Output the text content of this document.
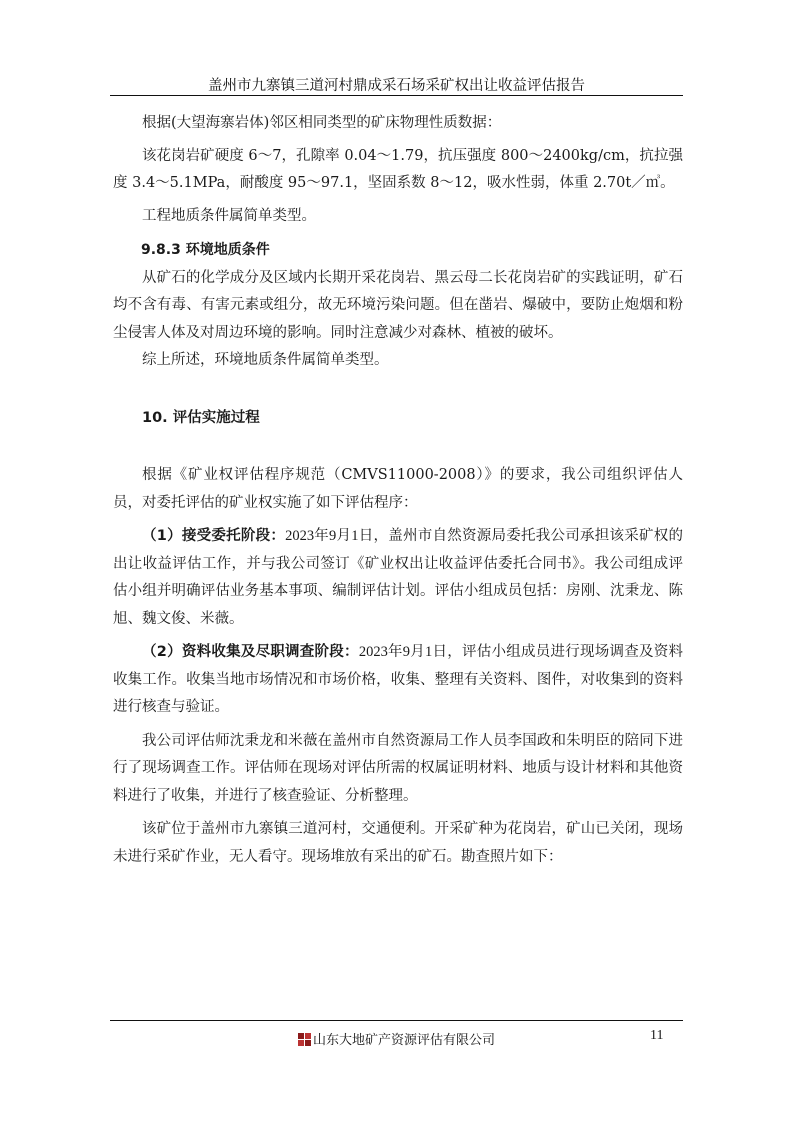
盖州市九寨镇三道河村鼎成采石场采矿权出让收益评估报告

根据(大望海寨岩体)邻区相同类型的矿床物理性质数据：

该花岗岩矿硬度 6～7，孔隙率 0.04～1.79，抗压强度 800～2400kg/cm，抗拉强度 3.4～5.1MPa，耐酸度 95～97.1，坚固系数 8～12，吸水性弱，体重 2.70t／㎥。

工程地质条件属简单类型。

9.8.3 环境地质条件

从矿石的化学成分及区域内长期开采花岗岩、黑云母二长花岗岩矿的实践证明，矿石均不含有毒、有害元素或组分，故无环境污染问题。但在凿岩、爆破中，要防止炮烟和粉尘侵害人体及对周边环境的影响。同时注意减少对森林、植被的破坏。

综上所述，环境地质条件属简单类型。

10. 评估实施过程

根据《矿业权评估程序规范（CMVS11000-2008）》的要求，我公司组织评估人员，对委托评估的矿业权实施了如下评估程序：

（1）接受委托阶段：2023年9月1日，盖州市自然资源局委托我公司承担该采矿权的出让收益评估工作，并与我公司签订《矿业权出让收益评估委托合同书》。我公司组成评估小组并明确评估业务基本事项、编制评估计划。评估小组成员包括：房刚、沈秉龙、陈旭、魏文俊、米薇。

（2）资料收集及尽职调查阶段：2023年9月1日，评估小组成员进行现场调查及资料收集工作。收集当地市场情况和市场价格，收集、整理有关资料、图件，对收集到的资料进行核查与验证。

我公司评估师沈秉龙和米薇在盖州市自然资源局工作人员李国政和朱明臣的陪同下进行了现场调查工作。评估师在现场对评估所需的权属证明材料、地质与设计材料和其他资料进行了收集，并进行了核查验证、分析整理。

该矿位于盖州市九寨镇三道河村，交通便利。开采矿种为花岗岩，矿山已关闭，现场未进行采矿作业，无人看守。现场堆放有采出的矿石。勘查照片如下：

山东大地矿产资源评估有限公司	11
